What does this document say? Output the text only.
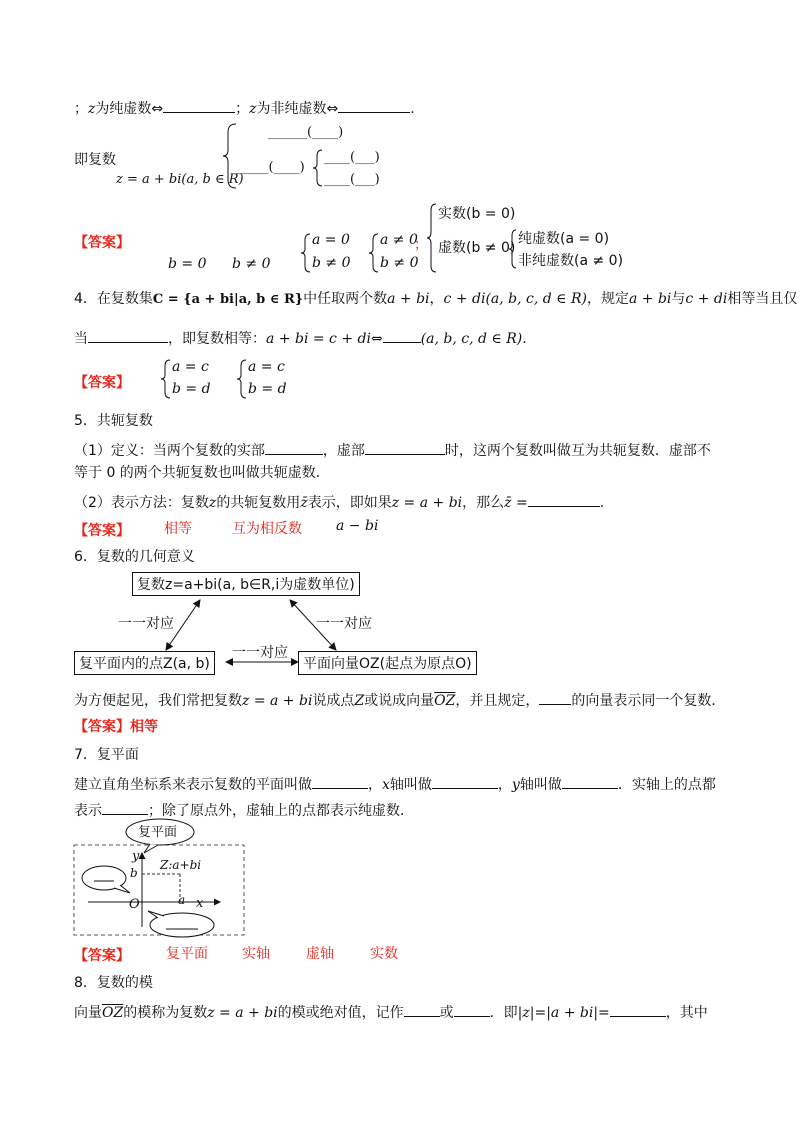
；z为纯虚数⇔	；z为非纯虚数⇔	.
即复数
z = a + bi(a, b ∈ R)
______(____)
_____(____)
____(___)
____(___)
【答案】
b = 0 b ≠ 0
a = 0
b ≠ 0
a ≠ 0
b ≠ 0
；
实数(b = 0)
虚数(b ≠ 0)
纯虚数(a = 0)
非纯虚数(a ≠ 0)
4．在复数集C = {a + bi|a, b ∈ R}中任取两个数a + bi，c + di(a, b, c, d ∈ R)，规定a + bi与c + di相等当且仅
当	，即复数相等：a + bi = c + di⇔	(a, b, c, d ∈ R).
【答案】
a = c
b = d
a = c
b = d
5．共轭复数
（1）定义：当两个复数的实部	，虚部	时，这两个复数叫做互为共轭复数．虚部不
等于 0 的两个共轭复数也叫做共轭虚数．
（2）表示方法：复数z的共轭复数用z̄表示，即如果z = a + bi，那么z̄ =	.
【答案】 相等	互为相反数 a − bi
6．复数的几何意义
复数z=a+bi(a, b∈R,i为虚数单位)
复平面内的点Z(a, b)	平面向量OZ(起点为原点O)
一一对应	一一对应
一一对应
为方便起见，我们常把复数z = a + bi说成点Z或说成向量$\overline{OZ}$，并且规定， 的向量表示同一个复数．
【答案】相等
7．复平面
建立直角坐标系来表示复数的平面叫做	，x轴叫做	，y轴叫做	．实轴上的点都
表示	；除了原点外，虚轴上的点都表示纯虚数．
复平面
y
Z:a+bi
b
O	a x
【答案】	复平面 实轴	虚轴	实数
8．复数的模
向量$\overline{OZ}$的模称为复数z = a + bi的模或绝对值，记作	或	．即|z|=|a + bi|=	，其中
